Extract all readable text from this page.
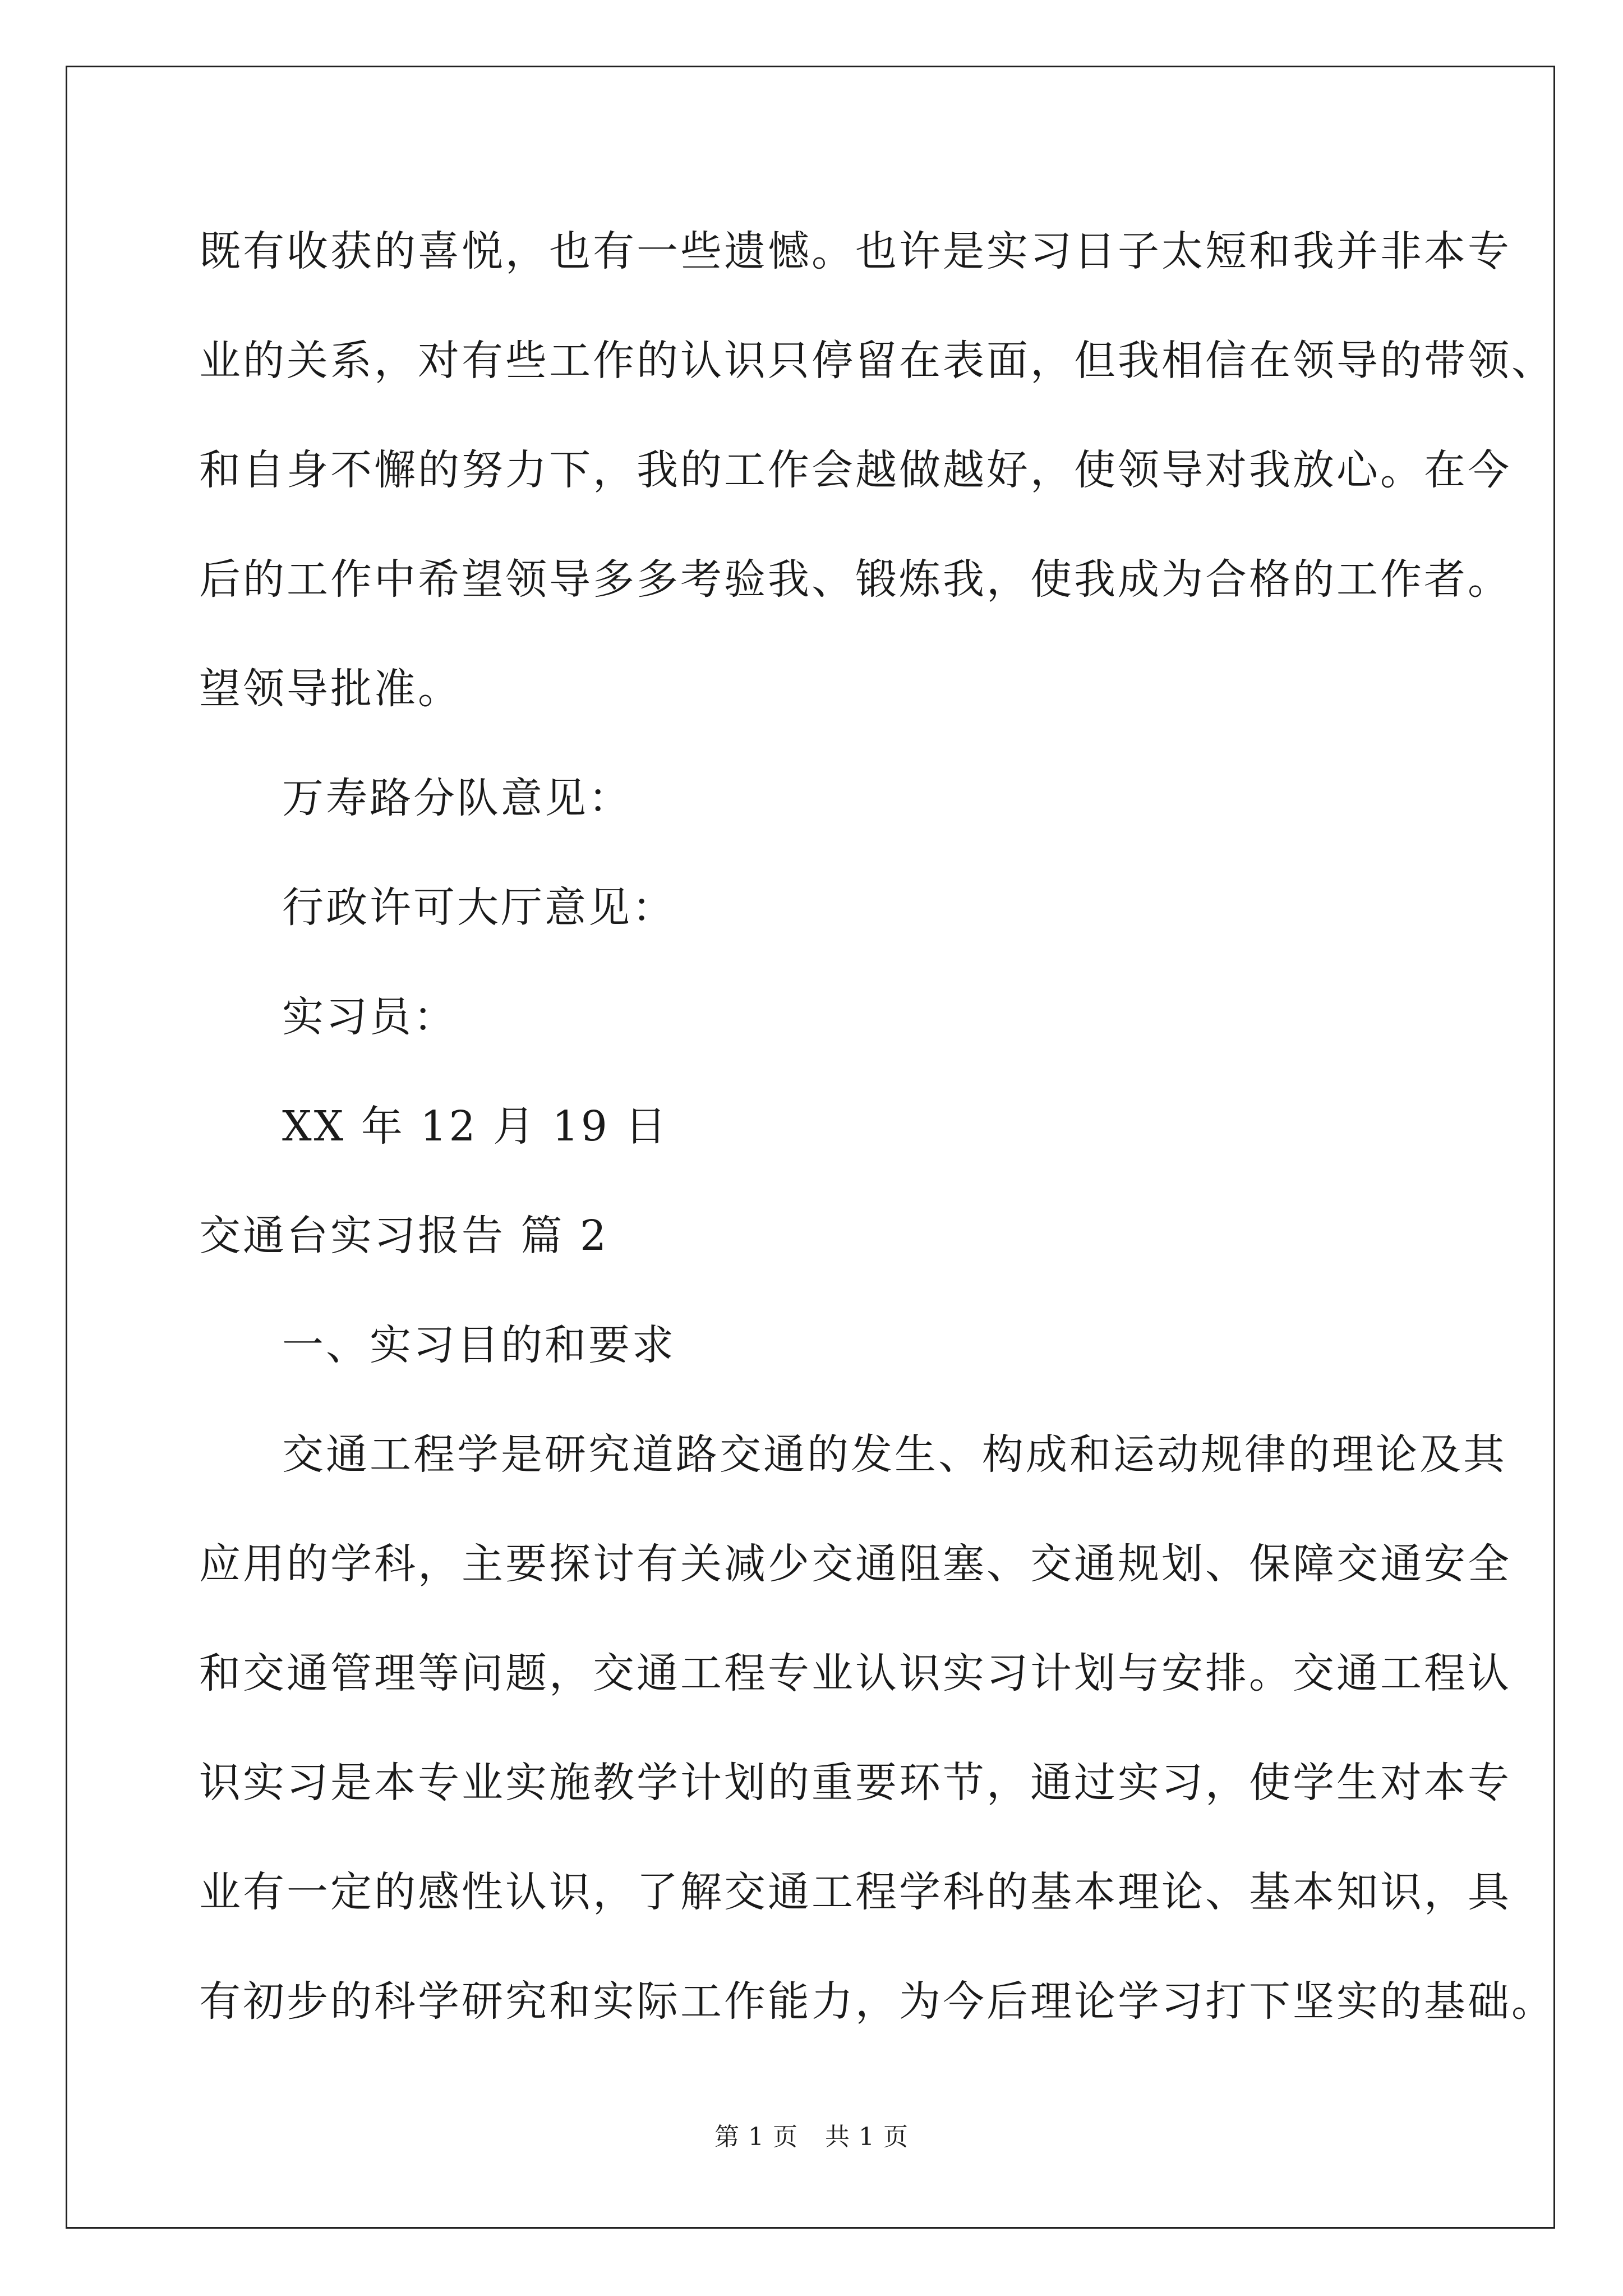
既有收获的喜悦，也有一些遗憾。也许是实习日子太短和我并非本专
业的关系，对有些工作的认识只停留在表面，但我相信在领导的带领、
和自身不懈的努力下，我的工作会越做越好，使领导对我放心。在今
后的工作中希望领导多多考验我、锻炼我，使我成为合格的工作者。
望领导批准。
万寿路分队意见：
行政许可大厅意见：
实习员：
XX 年 12 月 19 日
交通台实习报告 篇 2
一、实习目的和要求
交通工程学是研究道路交通的发生、构成和运动规律的理论及其
应用的学科，主要探讨有关减少交通阻塞、交通规划、保障交通安全
和交通管理等问题，交通工程专业认识实习计划与安排。交通工程认
识实习是本专业实施教学计划的重要环节，通过实习，使学生对本专
业有一定的感性认识，了解交通工程学科的基本理论、基本知识，具
有初步的科学研究和实际工作能力，为今后理论学习打下坚实的基础。
第 1 页 共 1 页
